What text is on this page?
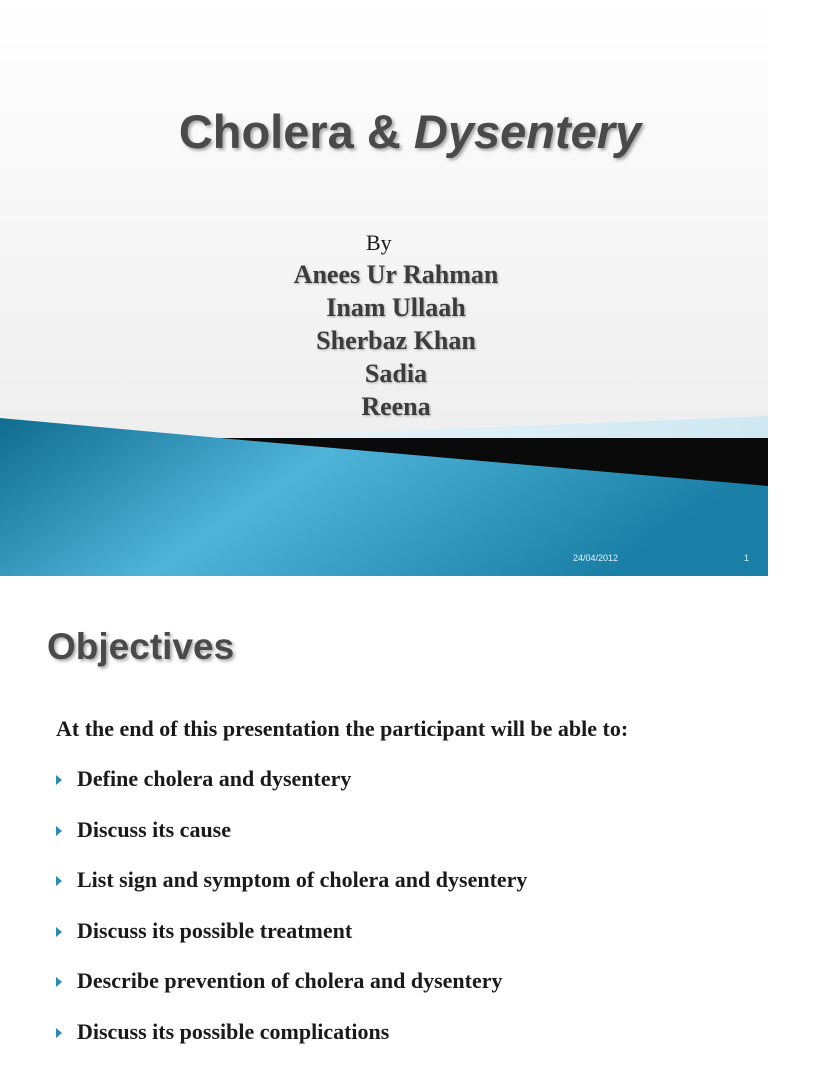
Cholera & Dysentery
By
Anees Ur Rahman
Inam Ullaah
Sherbaz Khan
Sadia
Reena
24/04/2012	1
Objectives
At the end of this presentation the participant will be able to:
Define cholera and dysentery
Discuss its cause
List sign and symptom of cholera and dysentery
Discuss its possible treatment
Describe prevention of cholera and dysentery
Discuss its possible complications
